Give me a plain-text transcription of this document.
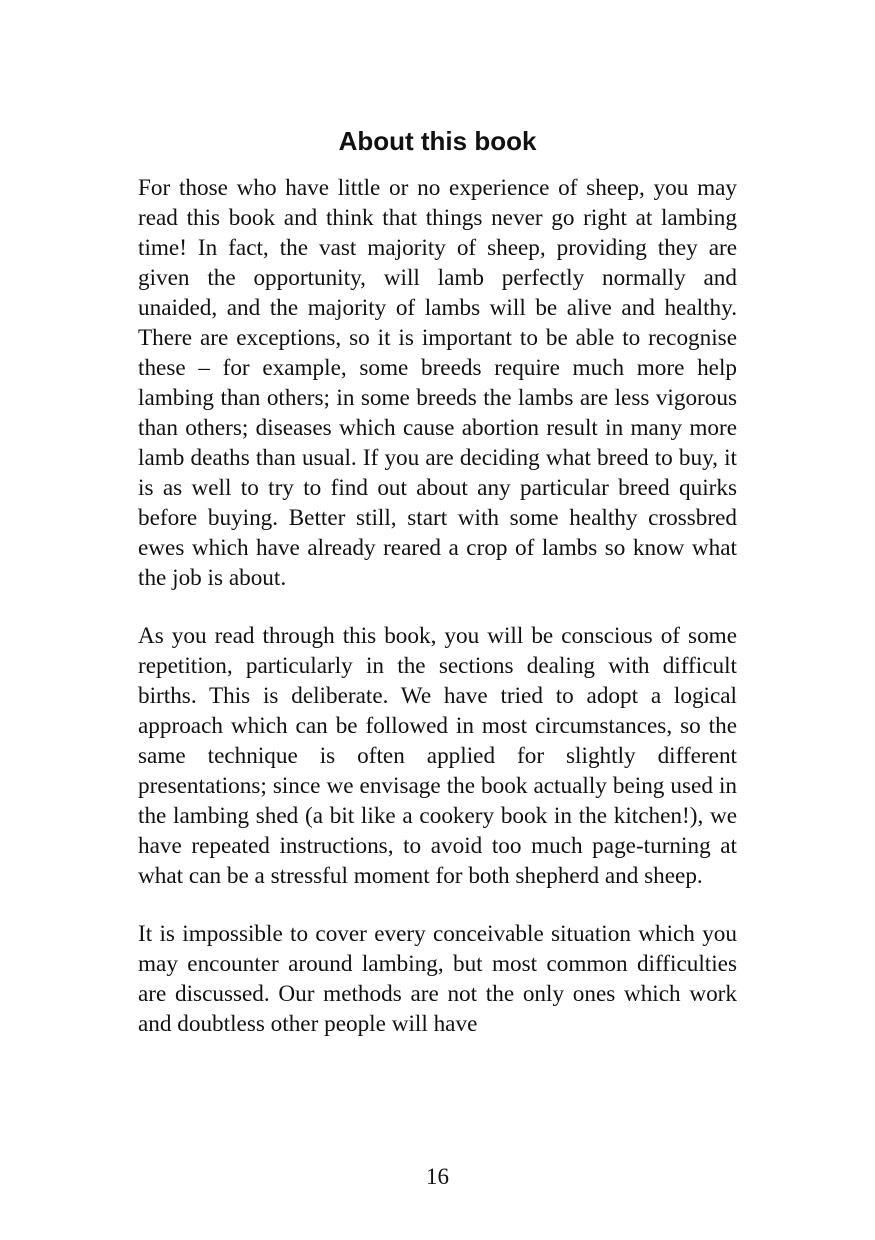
About this book

For those who have little or no experience of sheep, you may read this book and think that things never go right at lambing time! In fact, the vast majority of sheep, providing they are given the opportunity, will lamb perfectly normally and unaided, and the majority of lambs will be alive and healthy. There are exceptions, so it is important to be able to recognise these – for example, some breeds require much more help lambing than others; in some breeds the lambs are less vigorous than others; diseases which cause abortion result in many more lamb deaths than usual. If you are deciding what breed to buy, it is as well to try to find out about any particular breed quirks before buying. Better still, start with some healthy crossbred ewes which have already reared a crop of lambs so know what the job is about.

As you read through this book, you will be conscious of some repetition, particularly in the sections dealing with difficult births. This is deliberate. We have tried to adopt a logical approach which can be followed in most circumstances, so the same technique is often applied for slightly different presentations; since we envisage the book actually being used in the lambing shed (a bit like a cookery book in the kitchen!), we have repeated instructions, to avoid too much page-turning at what can be a stressful moment for both shepherd and sheep.

It is impossible to cover every conceivable situation which you may encounter around lambing, but most common difficulties are discussed. Our methods are not the only ones which work and doubtless other people will have

16
